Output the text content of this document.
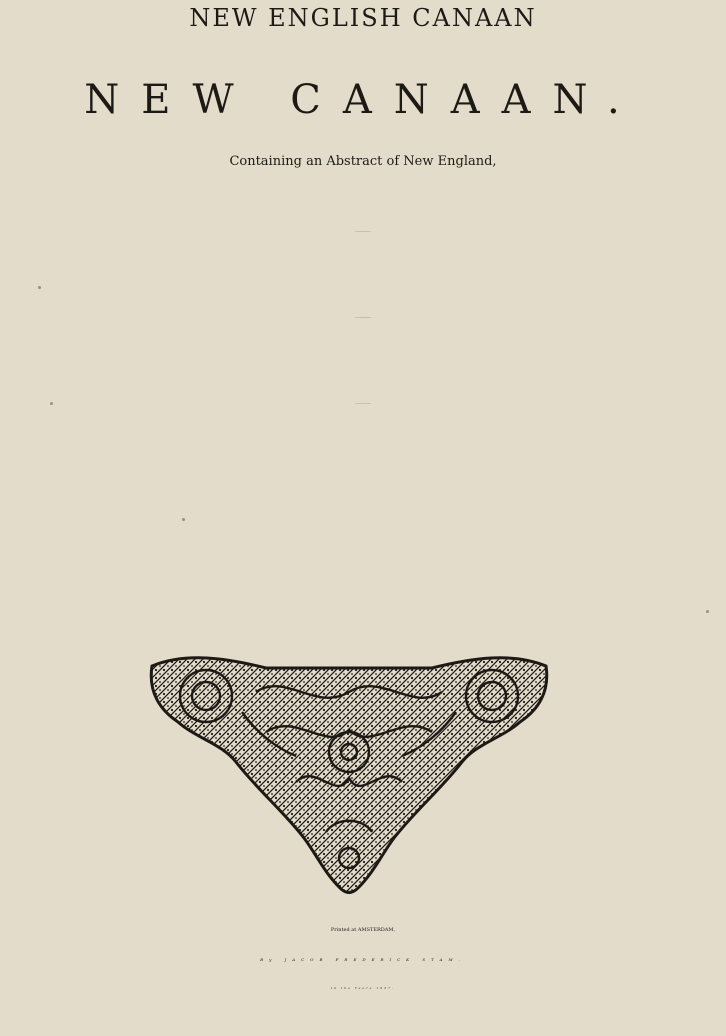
NEW ENGLISH CANAAN
NEW CANAAN.
Containing an Abstract of New England,
Printed at AMSTERDAM,
By JACOB FREDERICK STAM.
In the Yeare 1637.
